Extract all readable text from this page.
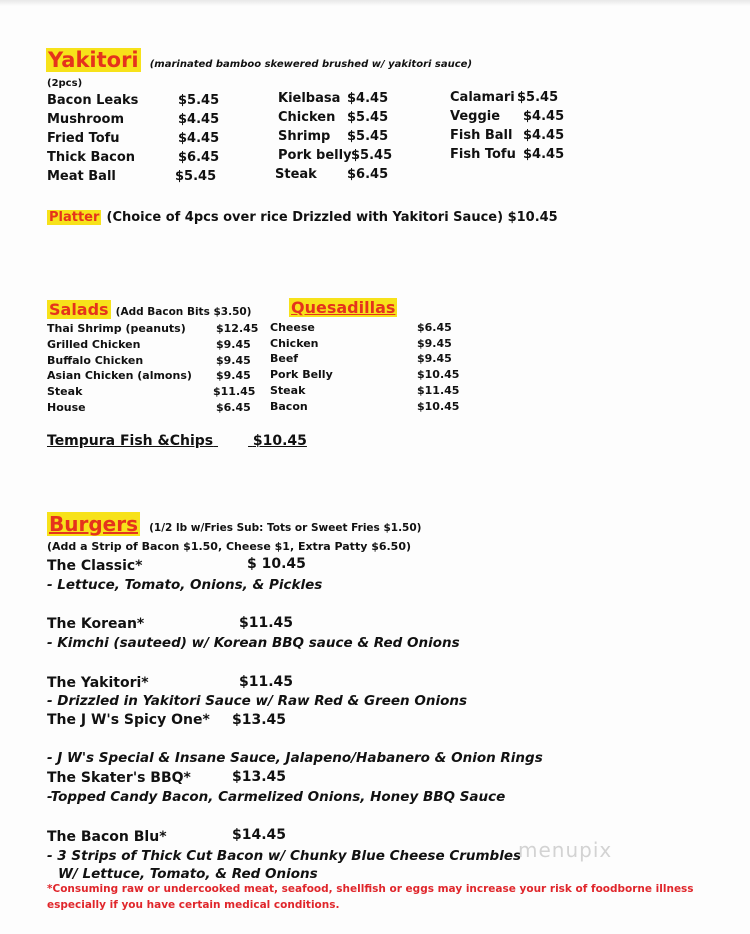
Yakitori (marinated bamboo skewered brushed w/ yakitori sauce)
(2pcs)
Bacon Leaks	$5.45
Mushroom	$4.45
Fried Tofu	$4.45
Thick Bacon	$6.45
Meat Ball	$5.45
Kielbasa $4.45
Chicken $5.45
Shrimp $5.45
Pork belly $5.45
Steak $6.45
Calamari $5.45
Veggie $4.45
Fish Ball $4.45
Fish Tofu $4.45
Platter (Choice of 4pcs over rice Drizzled with Yakitori Sauce) $10.45
Salads (Add Bacon Bits $3.50)
Thai Shrimp (peanuts)	$12.45
Grilled Chicken	$9.45
Buffalo Chicken	$9.45
Asian Chicken (almons) $9.45
Steak	$11.45
House	$6.45
Quesadillas
Cheese	$6.45
Chicken	$9.45
Beef	$9.45
Pork Belly	$10.45
Steak	$11.45
Bacon	$10.45
Tempura Fish &Chips	$10.45
Burgers (1/2 lb w/Fries Sub: Tots or Sweet Fries $1.50)
(Add a Strip of Bacon $1.50, Cheese $1, Extra Patty $6.50)
The Classic*	$ 10.45
- Lettuce, Tomato, Onions, & Pickles
The Korean*	$11.45
- Kimchi (sauteed) w/ Korean BBQ sauce & Red Onions
The Yakitori*	$11.45
- Drizzled in Yakitori Sauce w/ Raw Red & Green Onions
The J W's Spicy One* $13.45
- J W's Special & Insane Sauce, Jalapeno/Habanero & Onion Rings
The Skater's BBQ*	$13.45
-Topped Candy Bacon, Carmelized Onions, Honey BBQ Sauce
The Bacon Blu*	$14.45
- 3 Strips of Thick Cut Bacon w/ Chunky Blue Cheese Crumbles
W/ Lettuce, Tomato, & Red Onions
menupix
*Consuming raw or undercooked meat, seafood, shellfish or eggs may increase your risk of foodborne illness
especially if you have certain medical conditions.
